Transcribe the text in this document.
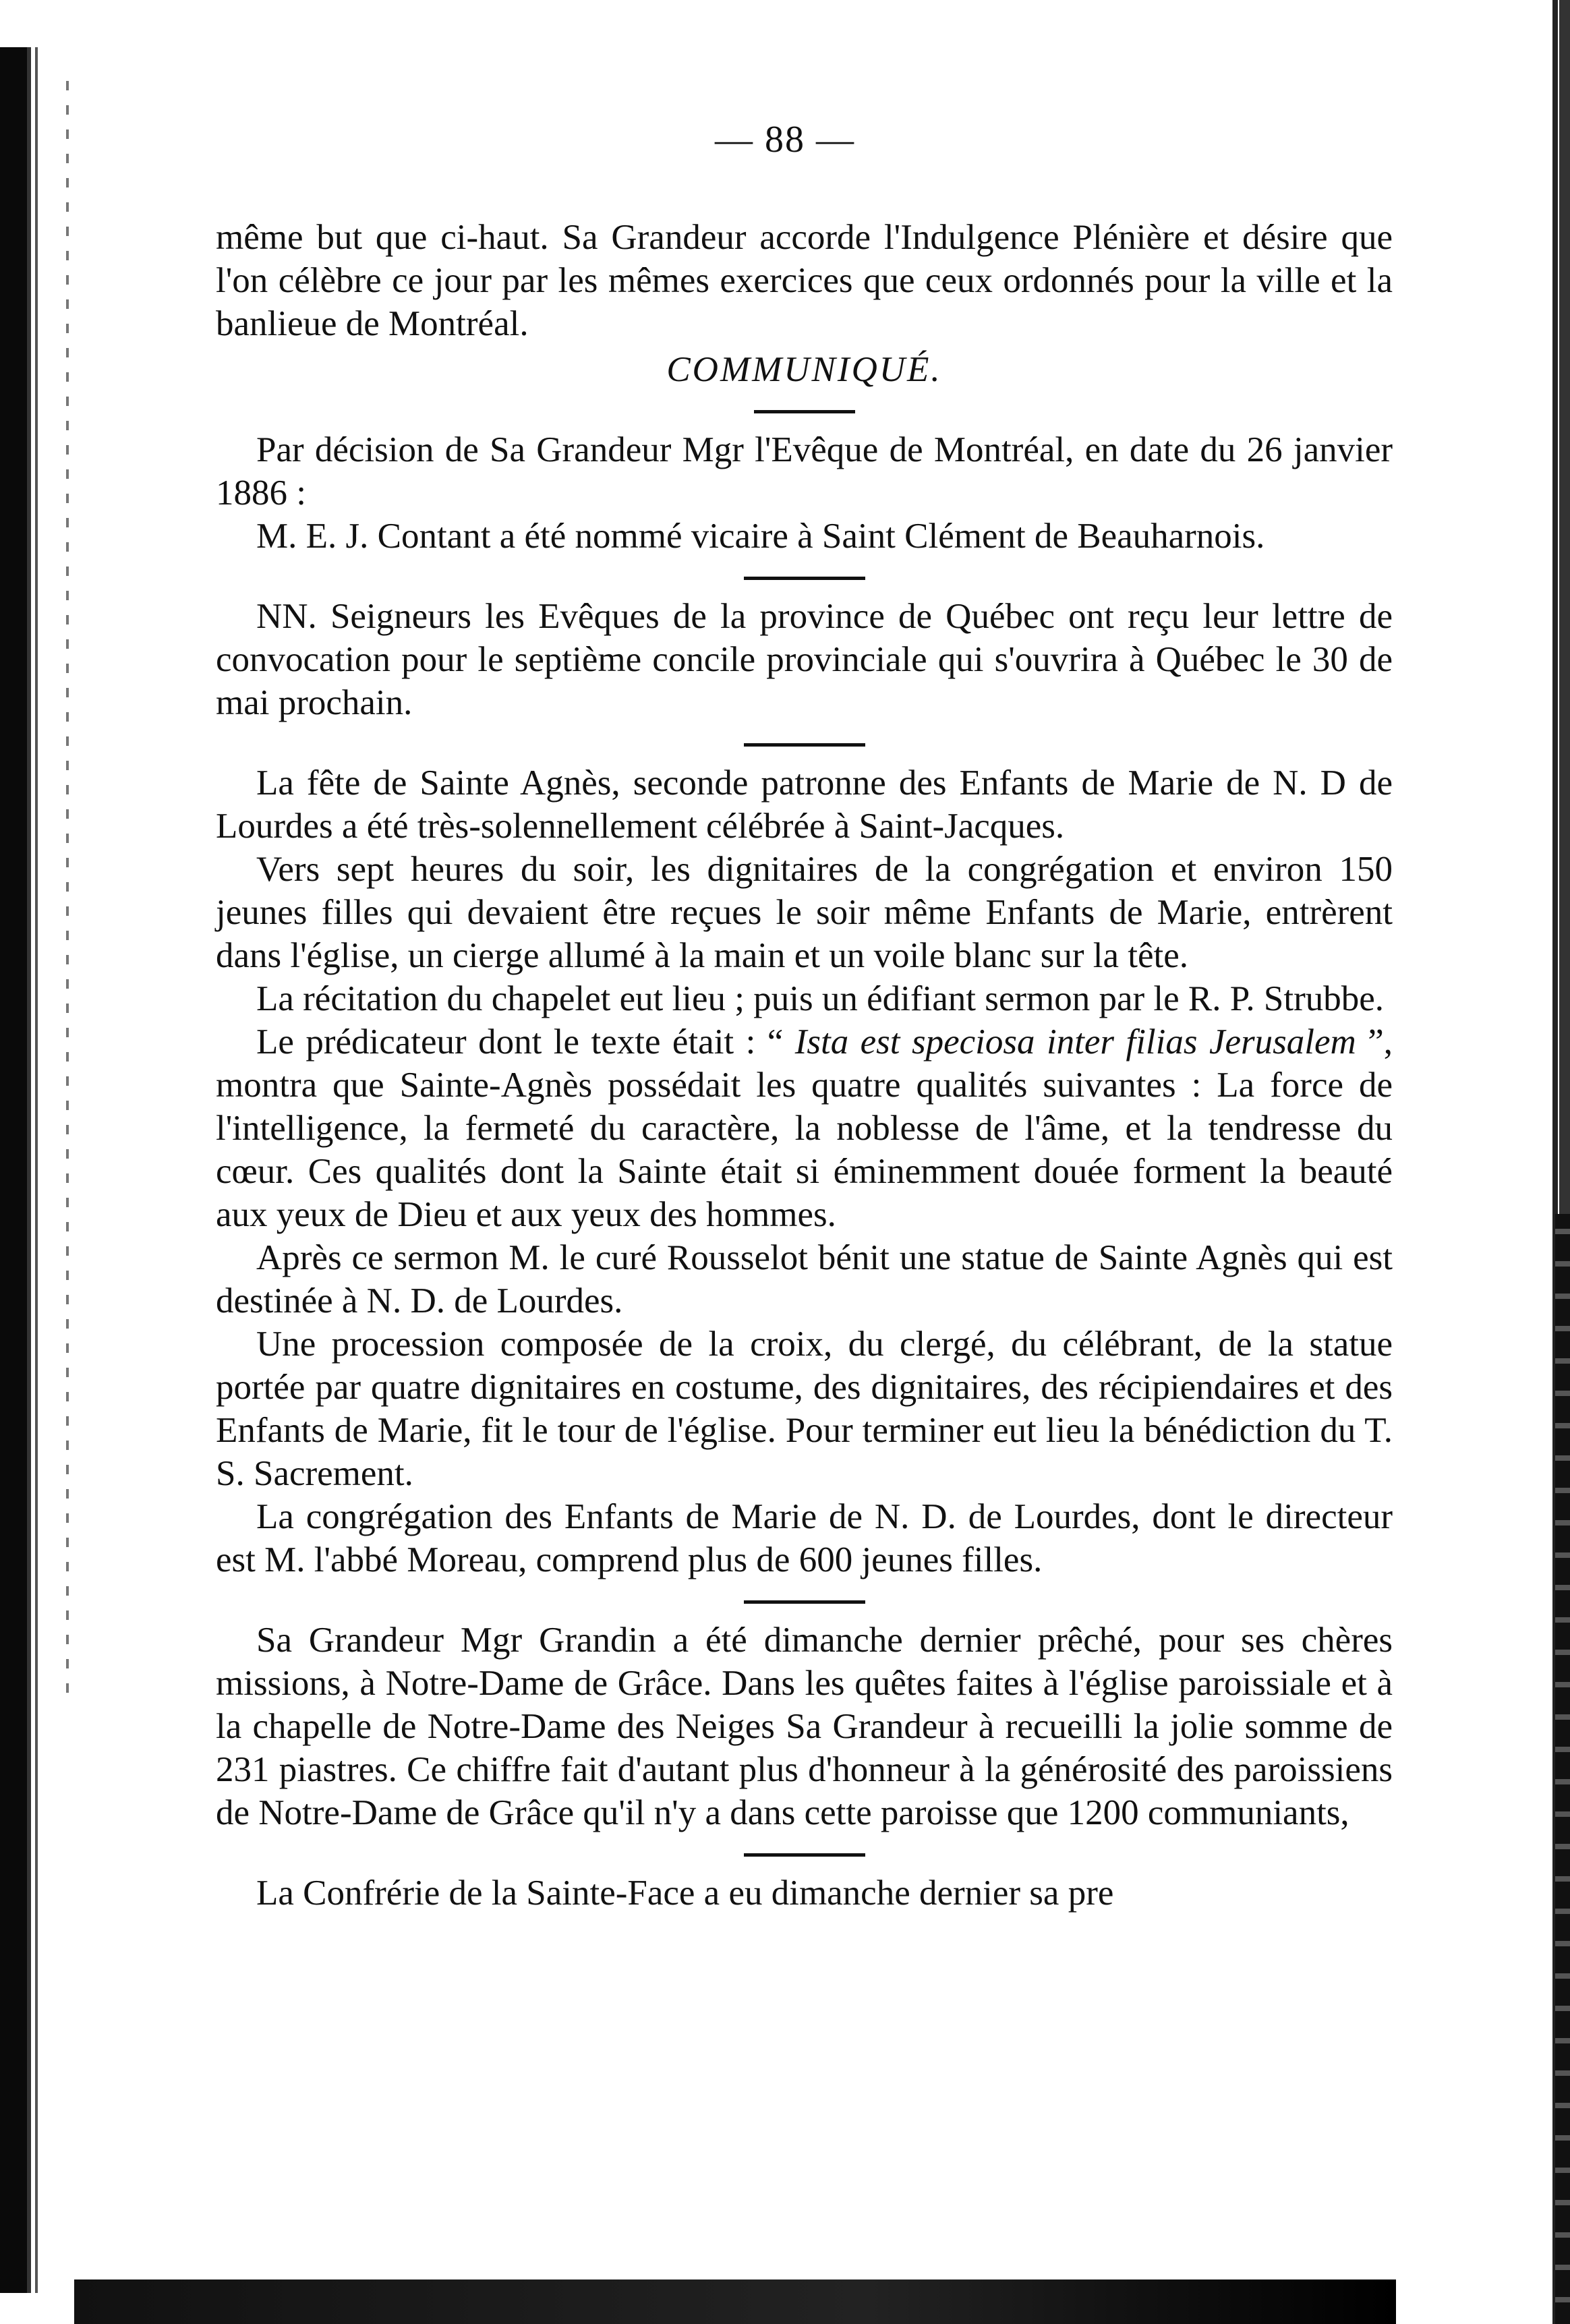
— 88 —

même but que ci-haut. Sa Grandeur accorde l'Indulgence Plénière et désire que l'on célèbre ce jour par les mêmes exercices que ceux ordonnés pour la ville et la banlieue de Montréal.

COMMUNIQUÉ.

Par décision de Sa Grandeur Mgr l'Evêque de Montréal, en date du 26 janvier 1886 :

M. E. J. Contant a été nommé vicaire à Saint Clément de Beauharnois.

NN. Seigneurs les Evêques de la province de Québec ont reçu leur lettre de convocation pour le septième concile provinciale qui s'ouvrira à Québec le 30 de mai prochain.

La fête de Sainte Agnès, seconde patronne des Enfants de Marie de N. D de Lourdes a été très-solennellement célébrée à Saint-Jacques.

Vers sept heures du soir, les dignitaires de la congrégation et environ 150 jeunes filles qui devaient être reçues le soir même Enfants de Marie, entrèrent dans l'église, un cierge allumé à la main et un voile blanc sur la tête.

La récitation du chapelet eut lieu ; puis un édifiant sermon par le R. P. Strubbe.

Le prédicateur dont le texte était : “ Ista est speciosa inter filias Jerusalem ”, montra que Sainte-Agnès possédait les quatre qualités suivantes : La force de l'intelligence, la fermeté du caractère, la noblesse de l'âme, et la tendresse du cœur. Ces qualités dont la Sainte était si éminemment douée forment la beauté aux yeux de Dieu et aux yeux des hommes.

Après ce sermon M. le curé Rousselot bénit une statue de Sainte Agnès qui est destinée à N. D. de Lourdes.

Une procession composée de la croix, du clergé, du célébrant, de la statue portée par quatre dignitaires en costume, des dignitaires, des récipiendaires et des Enfants de Marie, fit le tour de l'église. Pour terminer eut lieu la bénédiction du T. S. Sacrement.

La congrégation des Enfants de Marie de N. D. de Lourdes, dont le directeur est M. l'abbé Moreau, comprend plus de 600 jeunes filles.

Sa Grandeur Mgr Grandin a été dimanche dernier prêché, pour ses chères missions, à Notre-Dame de Grâce. Dans les quêtes faites à l'église paroissiale et à la chapelle de Notre-Dame des Neiges Sa Grandeur à recueilli la jolie somme de 231 piastres. Ce chiffre fait d'autant plus d'honneur à la générosité des paroissiens de Notre-Dame de Grâce qu'il n'y a dans cette paroisse que 1200 communiants,

La Confrérie de la Sainte-Face a eu dimanche dernier sa pre
